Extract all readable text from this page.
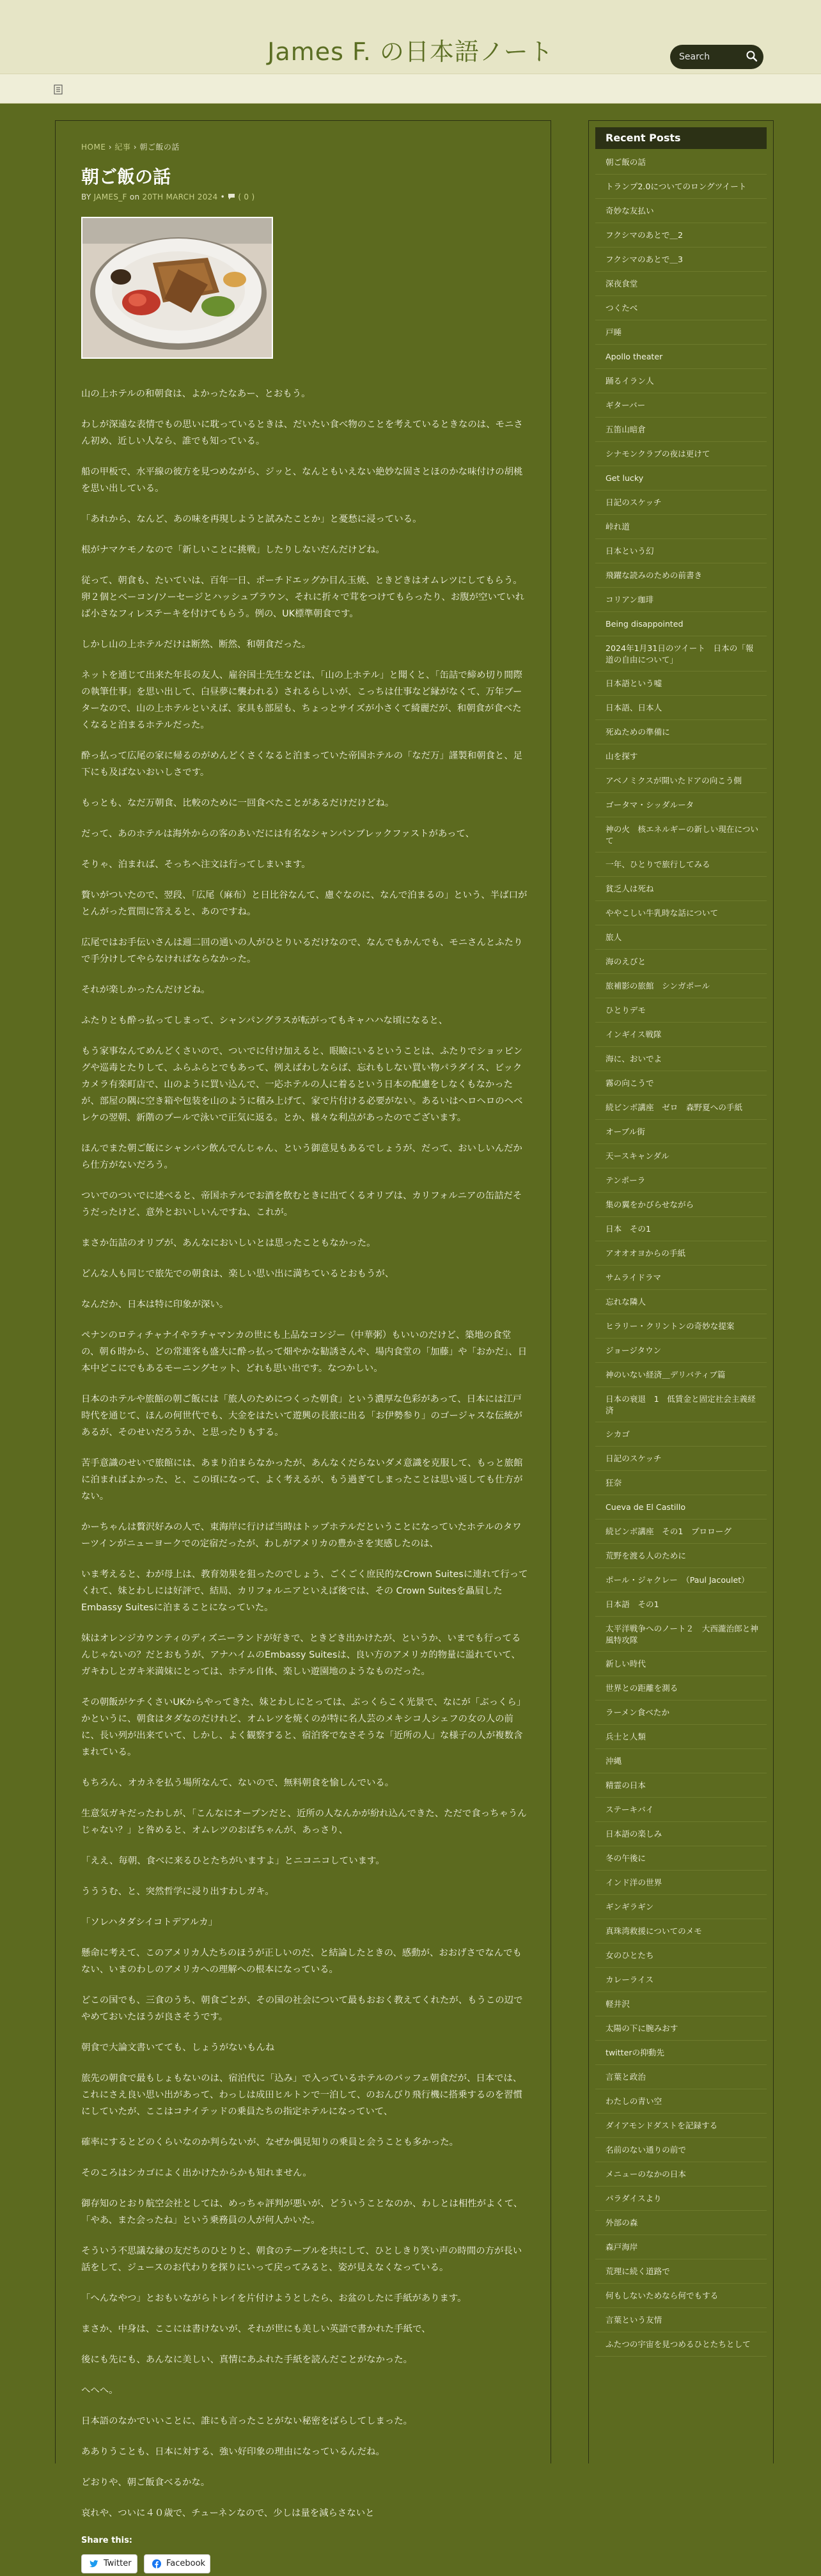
James F. の日本語ノート
Search
HOME › 紀事 › 朝ご飯の話
朝ご飯の話
BY JAMES_F on 20TH MARCH 2024 • ( 0 )

山の上ホテルの和朝食は、よかったなあー、とおもう。

わしが深遠な表情でもの思いに耽っているときは、だいたい食べ物のことを考えているときなのは、モニさん初め、近しい人なら、誰でも知っている。

船の甲板で、水平線の彼方を見つめながら、ジッと、なんともいえない絶妙な固さとほのかな味付けの胡桃を思い出している。

「あれから、なんど、あの味を再現しようと試みたことか」と憂愁に浸っている。

根がナマケモノなので「新しいことに挑戦」したりしないだんだけどね。

従って、朝食も、たいていは、百年一日、ポーチドエッグか目ん玉焼、ときどきはオムレツにしてもらう。卵２個とベーコン/ソーセージとハッシュブラウン、それに折々で茸をつけてもらったり、お腹が空いていれば小さなフィレステーキを付けてもらう。例の、UK標準朝食です。

しかし山の上ホテルだけは断然、断然、和朝食だった。

ネットを通じて出来た年長の友人、雇谷国士先生などは、「山の上ホテル」と聞くと、「缶詰で締め切り間際の執筆仕事」を思い出して、白昼夢に襲われる）されるらしいが、こっちは仕事など縁がなくて、万年ブーターなので、山の上ホテルといえば、家具も部屋も、ちょっとサイズが小さくて綺麗だが、和朝食が食べたくなると泊まるホテルだった。

酔っ払って広尾の家に帰るのがめんどくさくなると泊まっていた帝国ホテルの「なだ万」謹製和朝食と、足下にも及ばないおいしさです。

もっとも、なだ万朝食、比較のために一回食べたことがあるだけだけどね。

だって、あのホテルは海外からの客のあいだには有名なシャンパンブレックファストがあって、

そりゃ、泊まれば、そっちへ注文は行ってしまいます。

贅いがついたので、翌段、「広尾（麻布）と日比谷なんて、慮ぐなのに、なんで泊まるの」という、半ば口がとんがった質問に答えると、あのですね。

広尾ではお手伝いさんは週二回の通いの人がひとりいるだけなので、なんでもかんでも、モニさんとふたりで手分けしてやらなければならなかった。

それが楽しかったんだけどね。

ふたりとも酔っ払ってしまって、シャンパングラスが転がってもキャハハな頃になると、

もう家事なんてめんどくさいので、ついでに付け加えると、眼瞼にいるということは、ふたりでショッピングや巡毒とたりして、ふらふらとでもあって、例えばわしならば、忘れもしない買い物パラダイス、ビックカメラ有楽町店で、山のように買い込んで、一応ホテルの人に着るという日本の配慮をしなくもなかったが、部屋の隅に空き箱や包装を山のように積み上げて、家で片付ける必要がない。あるいはヘロヘロのヘベレケの翌朝、新階のプールで泳いで正気に返る。とか、様々な利点があったのでございます。

ほんでまた朝ご飯にシャンパン飲んでんじゃん、という御意見もあるでしょうが、だって、おいしいんだから仕方がないだろう。

ついでのついでに述べると、帝国ホテルでお酒を飲むときに出てくるオリブは、カリフォルニアの缶詰だそうだったけど、意外とおいしいんですね、これが。

まさか缶詰のオリブが、あんなにおいしいとは思ったこともなかった。

どんな人も同じで旅先での朝食は、楽しい思い出に満ちているとおもうが、

なんだか、日本は特に印象が深い。

ペナンのロティチャナイやラチャマンカの世にも上品なコンジー（中華粥）もいいのだけど、築地の食堂の、朝６時から、どの常連客も盛大に酔っ払って畑やかな勧誘さんや、場内食堂の「加藤」や「おかだ」、日本中どこにでもあるモーニングセット、どれも思い出です。なつかしい。

日本のホテルや旅館の朝ご飯には「旅人のためにつくった朝食」という濃厚な色彩があって、日本には江戸時代を通じて、ほんの何世代でも、大金をはたいて遊興の長旅に出る「お伊勢参り」のゴージャスな伝統があるが、そのせいだろうか、と思ったりもする。

苦手意識のせいで旅館には、あまり泊まらなかったが、あんなくだらないダメ意識を克服して、もっと旅館に泊まればよかった、と、この頃になって、よく考えるが、もう過ぎてしまったことは思い返しても仕方がない。

かーちゃんは贅沢好みの人で、東海岸に行けば当時はトップホテルだということになっていたホテルのタワーツインがニューヨークでの定宿だったが、わしがアメリカの豊かさを実感したのは、

いま考えると、わが母上は、教育効果を狙ったのでしょう、ごくごく庶民的なCrown Suitesに連れて行ってくれて、妹とわしには好評で、結局、カリフォルニアといえば後では、その Crown Suitesを贔屓したEmbassy Suitesに泊まることになっていた。

妹はオレンジカウンティのディズニーランドが好きで、ときどき出かけたが、というか、いまでも行ってるんじゃないの？だとおもうが、アナハイムのEmbassy Suitesは、良い方のアメリカ的物量に溢れていて、ガキわしとガキ米満妹にとっては、ホテル自体、楽しい遊園地のようなものだった。

その朝飯がケチくさいUKからやってきた、妹とわしにとっては、ぶっくらこく光景で、なにが「ぶっくら」かというに、朝食はタダなのだけれど、オムレツを焼くのが特に名人芸のメキシコ人シェフの女の人の前に、長い列が出来ていて、しかし、よく観察すると、宿泊客でなさそうな「近所の人」な様子の人が複数含まれている。

もちろん、オカネを払う場所なんて、ないので、無料朝食を愉しんでいる。

生意気ガキだったわしが、「こんなにオープンだと、近所の人なんかが紛れ込んできた、ただで食っちゃうんじゃない？」と咎めると、オムレツのおばちゃんが、あっさり、

「ええ、毎朝、食べに来るひとたちがいますよ」とニコニコしています。

うううむ、と、突然哲学に浸り出すわしガキ。

「ソレハタダシイコトデアルカ」

懸命に考えて、このアメリカ人たちのほうが正しいのだ、と結論したときの、感動が、おおげさでなんでもない、いまのわしのアメリカへの理解への根本になっている。

どこの国でも、三食のうち、朝食ごとが、その国の社会について最もおおく教えてくれたが、もうこの辺でやめておいたほうが良さそうです。

朝食で大論文書いてても、しょうがないもんね

旅先の朝食で最もしょもないのは、宿泊代に「込み」で入っているホテルのバッフェ朝食だが、日本では、これにさえ良い思い出があって、わっしは成田ヒルトンで一泊して、のおんびり飛行機に搭乗するのを習慣にしていたが、ここはコナイテッドの乗員たちの指定ホテルになっていて、

確率にするとどのくらいなのか判らないが、なぜか偶見知りの乗員と会うことも多かった。

そのころはシカゴによく出かけたからかも知れません。

御存知のとおり航空会社としては、めっちゃ評判が悪いが、どういうことなのか、わしとは相性がよくて、「やあ、また会ったね」という乗務員の人が何人かいた。

そういう不思議な縁の友だちのひとりと、朝食のテーブルを共にして、ひとしきり笑い声の時間の方が長い話をして、ジュースのお代わりを探りにいって戻ってみると、姿が見えなくなっている。

「へんなやつ」とおもいながらトレイを片付けようとしたら、お盆のしたに手紙があります。

まさか、中身は、ここには書けないが、それが世にも美しい英語で書かれた手紙で、

後にも先にも、あんなに美しい、真情にあふれた手紙を読んだことがなかった。

へへへ。

日本語のなかでいいことに、誰にも言ったことがない秘密をばらしてしまった。

あありうことも、日本に対する、強い好印象の理由になっているんだね。

どおりや、朝ご飯食べるかな。

哀れや、ついに４０歳で、チューネンなので、少しは量を減らさないと

Share this:
Twitter	Facebook
Recent Posts
朝ご飯の話
トランプ2.0についてのロングツイート
奇妙な友払い
フクシマのあとで＿2
フクシマのあとで＿3
深夜食堂
つくたべ
戸睡
Apollo theater
踊るイラン人
ギターバー
五笛山暗倉
シナモンクラブの夜は更けて
Get lucky
日記のスケッチ
峠れ道
日本という幻
飛躍な読みのための前書き
コリアン珈琲
Being disappointed
2024年1月31日のツイート　日本の「報道の自由について」
日本語という嘘
日本語、日本人
死ぬための準備に
山を探す
アベノミクスが開いたドアの向こう側
ゴータマ・シッダルータ
神の火　核エネルギーの新しい現在について
一年、ひとりで旅行してみる
貧乏人は死ね
ややこしい牛乳時な話について
旅人
海のえびと
旅補影の旅館　シンガポール
ひとりデモ
インギイス戦隊
海に、おいでよ
霧の向こうで
続ビンボ講座　ゼロ　森野夏への手紙
オーブル街
天ースキャンダル
テンポーラ
集の翼をかびらせながら
日本　その1
アオオオヨからの手紙
サムライドラマ
忘れな隣人
ヒラリー・クリントンの奇妙な提案
ジョージタウン
神のいない経済＿デリバティブ篇
日本の衰退　1　低賃金と固定社会主義経済
シカゴ
日記のスケッチ
狂奈
Cueva de El Castillo
続ビンボ講座　その1　プロローグ
荒野を渡る人のために
ポール・ジャクレー　（Paul Jacoulet）
日本語　その1
太平洋戦争へのノート２　大西瀧治郎と神風特攻隊
新しい時代
世界との距離を測る
ラーメン食べたか
兵士と人類
沖縄
精霊の日本
ステーキバイ
日本語の楽しみ
冬の午後に
インド洋の世界
ギンギラギン
真珠湾救援についてのメモ
女のひとたち
カレーライス
軽井沢
太陽の下に腕みおす
twitterの抑動先
言葉と政治
わたしの青い空
ダイアモンドダストを記録する
名前のない通りの前で
メニューのなかの日本
パラダイスより
外部の森
森戸海岸
荒理に続く道路で
何もしないためなら何でもする
言葉という友情
ふたつの宇宙を見つめるひとたちとして
